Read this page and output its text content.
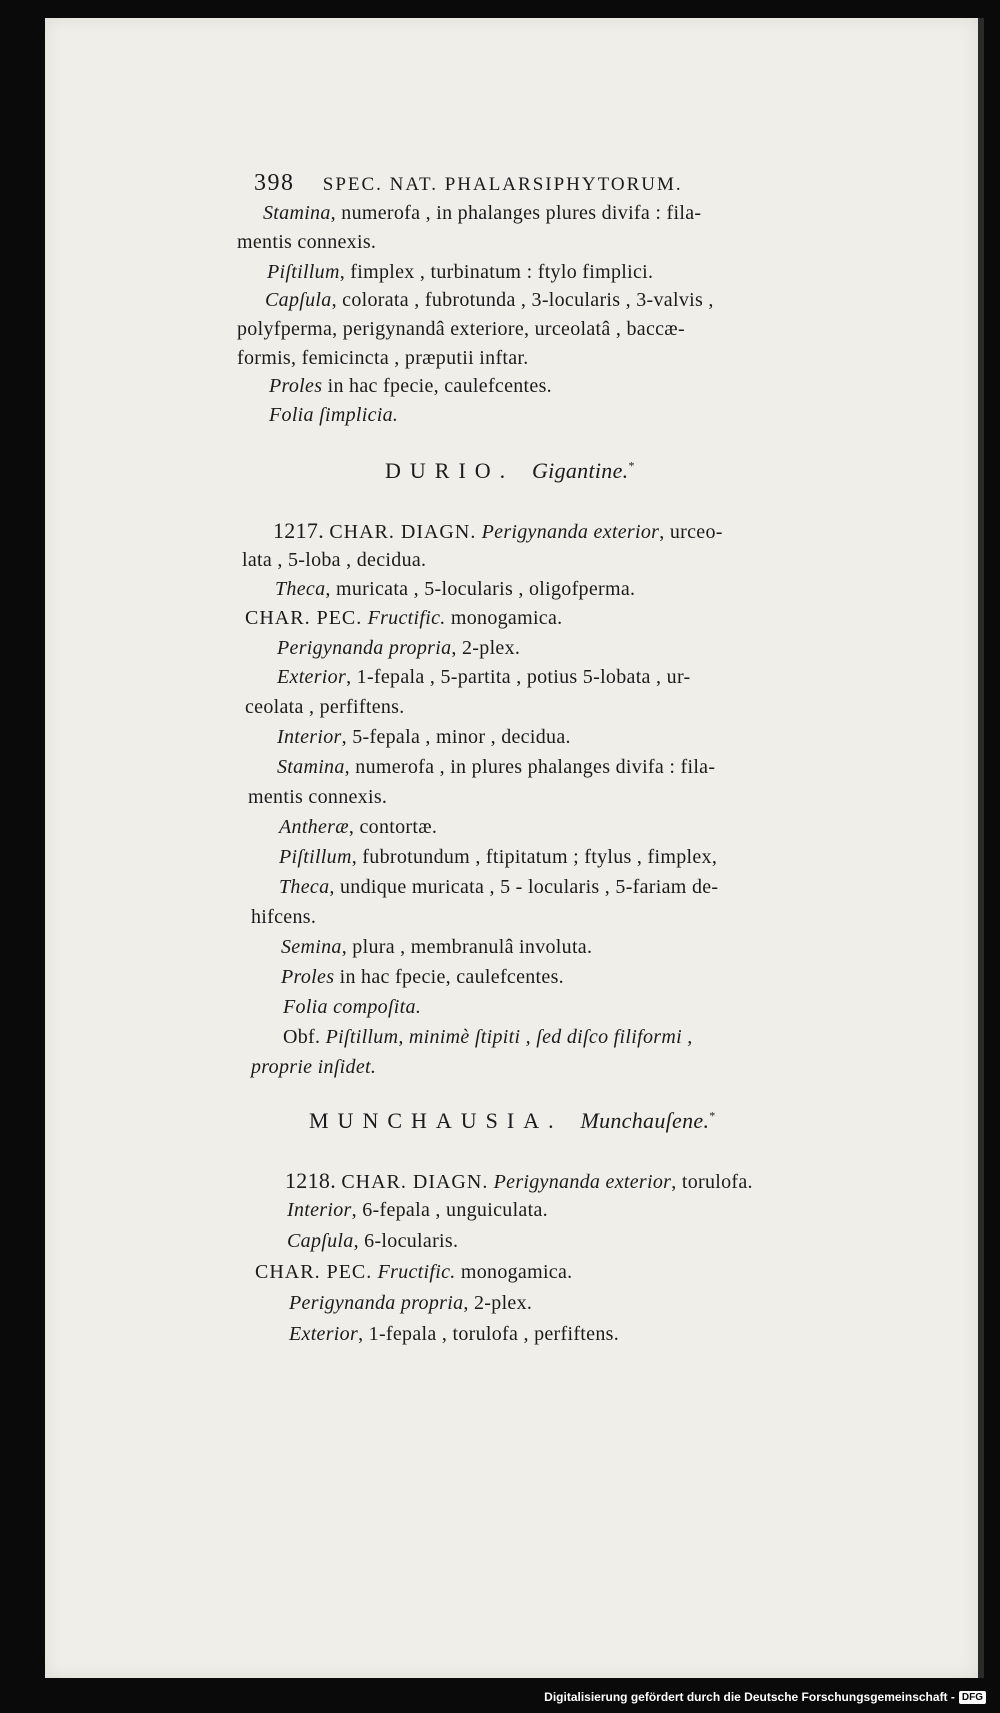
398 SPEC. NAT. PHALARSIPHYTORUM.
Stamina, numerofa , in phalanges plures divifa : fila-
mentis connexis.
Piſtillum, fimplex , turbinatum : ftylo fimplici.
Capſula, colorata , fubrotunda , 3-locularis , 3-valvis ,
polyfperma, perigynandâ exteriore, urceolatâ , baccæ-
formis, femicincta , præputii inftar.
Proles in hac fpecie, caulefcentes.
Folia ſimplicia.
DURIO. Gigantine.*
1217. CHAR. DIAGN. Perigynanda exterior, urceo-
lata , 5-loba , decidua.
Theca, muricata , 5-locularis , oligofperma.
CHAR. PEC. Fructific. monogamica.
Perigynanda propria, 2-plex.
Exterior, 1-fepala , 5-partita , potius 5-lobata , ur-
ceolata , perfiftens.
Interior, 5-fepala , minor , decidua.
Stamina, numerofa , in plures phalanges divifa : fila-
mentis connexis.
Antheræ, contortæ.
Piſtillum, fubrotundum , ftipitatum ; ftylus , fimplex,
Theca, undique muricata , 5 - locularis , 5-fariam de-
hifcens.
Semina, plura , membranulâ involuta.
Proles in hac fpecie, caulefcentes.
Folia compoſita.
Obf. Piſtillum, minimè ſtipiti , ſed diſco filiformi ,
proprie inſidet.
MUNCHAUSIA. Munchauſene.*
1218. CHAR. DIAGN. Perigynanda exterior, torulofa.
Interior, 6-fepala , unguiculata.
Capſula, 6-locularis.
CHAR. PEC. Fructific. monogamica.
Perigynanda propria, 2-plex.
Exterior, 1-fepala , torulofa , perfiftens.
Digitalisierung gefördert durch die Deutsche Forschungsgemeinschaft - DFG
